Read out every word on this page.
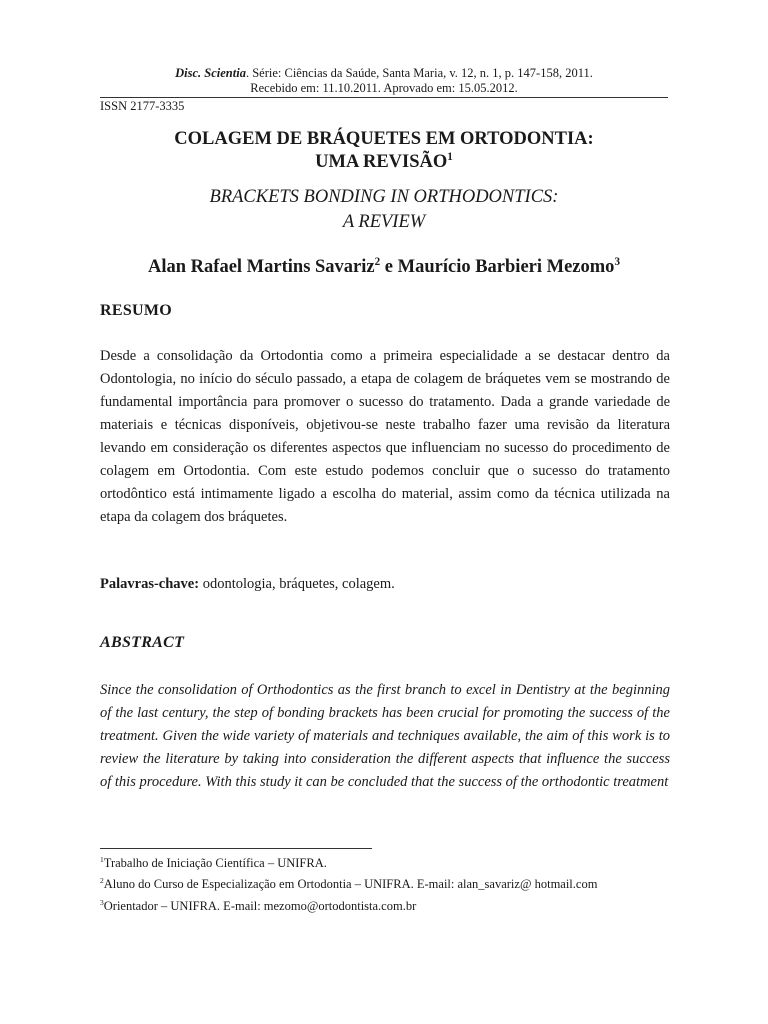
Disc. Scientia. Série: Ciências da Saúde, Santa Maria, v. 12, n. 1, p. 147-158, 2011.
Recebido em: 11.10.2011. Aprovado em: 15.05.2012.
ISSN 2177-3335
COLAGEM DE BRÁQUETES EM ORTODONTIA:
UMA REVISÃO$^1$
BRACKETS BONDING IN ORTHODONTICS:
A REVIEW
Alan Rafael Martins Savariz$^2$ e Maurício Barbieri Mezomo$^3$
RESUMO

Desde a consolidação da Ortodontia como a primeira especialidade a se destacar dentro da Odontologia, no início do século passado, a etapa de colagem de bráquetes vem se mostrando de fundamental importância para promover o sucesso do tratamento. Dada a grande variedade de materiais e técnicas disponíveis, objetivou-se neste trabalho fazer uma revisão da literatura levando em consideração os diferentes aspectos que influenciam no sucesso do procedimento de colagem em Ortodontia. Com este estudo podemos concluir que o sucesso do tratamento ortodôntico está intimamente ligado a escolha do material, assim como da técnica utilizada na etapa da colagem dos bráquetes.

Palavras-chave: odontologia, bráquetes, colagem.
ABSTRACT

Since the consolidation of Orthodontics as the first branch to excel in Dentistry at the beginning of the last century, the step of bonding brackets has been crucial for promoting the success of the treatment. Given the wide variety of materials and techniques available, the aim of this work is to review the literature by taking into consideration the different aspects that influence the success of this procedure. With this study it can be concluded that the success of the orthodontic treatment

$^1$Trabalho de Iniciação Científica – UNIFRA.

$^2$Aluno do Curso de Especialização em Ortodontia – UNIFRA. E-mail: alan_savariz@ hotmail.com

$^3$Orientador – UNIFRA. E-mail: mezomo@ortodontista.com.br
